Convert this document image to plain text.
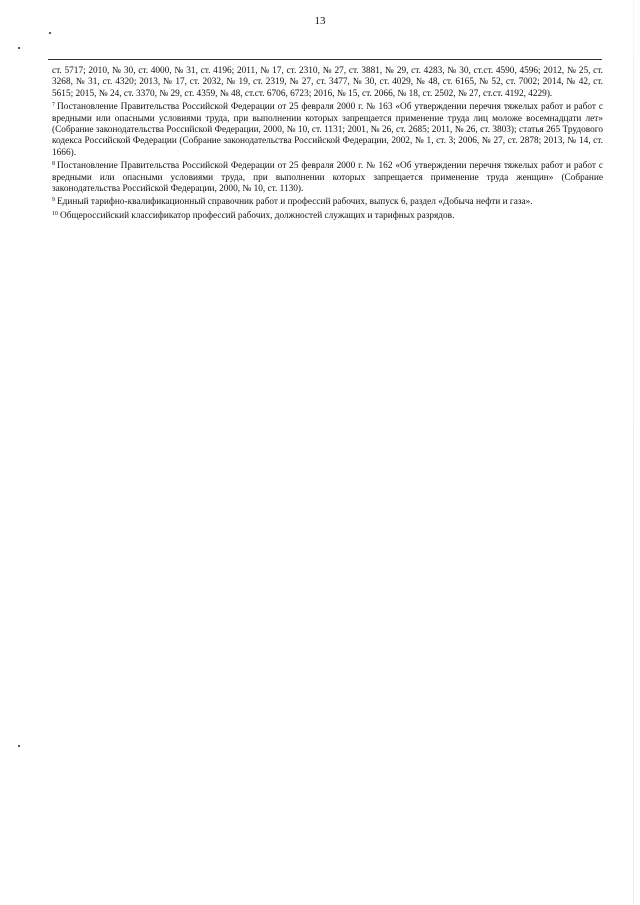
13

ст. 5717; 2010, № 30, ст. 4000, № 31, ст. 4196; 2011, № 17, ст. 2310, № 27, ст. 3881, № 29, ст. 4283, № 30, ст.ст. 4590, 4596; 2012, № 25, ст. 3268, № 31, ст. 4320; 2013, № 17, ст. 2032, № 19, ст. 2319, № 27, ст. 3477, № 30, ст. 4029, № 48, ст. 6165, № 52, ст. 7002; 2014, № 42, ст. 5615; 2015, № 24, ст. 3370, № 29, ст. 4359, № 48, ст.ст. 6706, 6723; 2016, № 15, ст. 2066, № 18, ст. 2502, № 27, ст.ст. 4192, 4229).

$^7$ Постановление Правительства Российской Федерации от 25 февраля 2000 г. № 163 «Об утверждении перечня тяжелых работ и работ с вредными или опасными условиями труда, при выполнении которых запрещается применение труда лиц моложе восемнадцати лет» (Собрание законодательства Российской Федерации, 2000, № 10, ст. 1131; 2001, № 26, ст. 2685; 2011, № 26, ст. 3803); статья 265 Трудового кодекса Российской Федерации (Собрание законодательства Российской Федерации, 2002, № 1, ст. 3; 2006, № 27, ст. 2878; 2013, № 14, ст. 1666).

$^8$ Постановление Правительства Российской Федерации от 25 февраля 2000 г. № 162 «Об утверждении перечня тяжелых работ и работ с вредными или опасными условиями труда, при выполнении которых запрещается применение труда женщин» (Собрание законодательства Российской Федерации, 2000, № 10, ст. 1130).

$^9$ Единый тарифно-квалификационный справочник работ и профессий рабочих, выпуск 6, раздел «Добыча нефти и газа».

$^{10}$ Общероссийский классификатор профессий рабочих, должностей служащих и тарифных разрядов.
